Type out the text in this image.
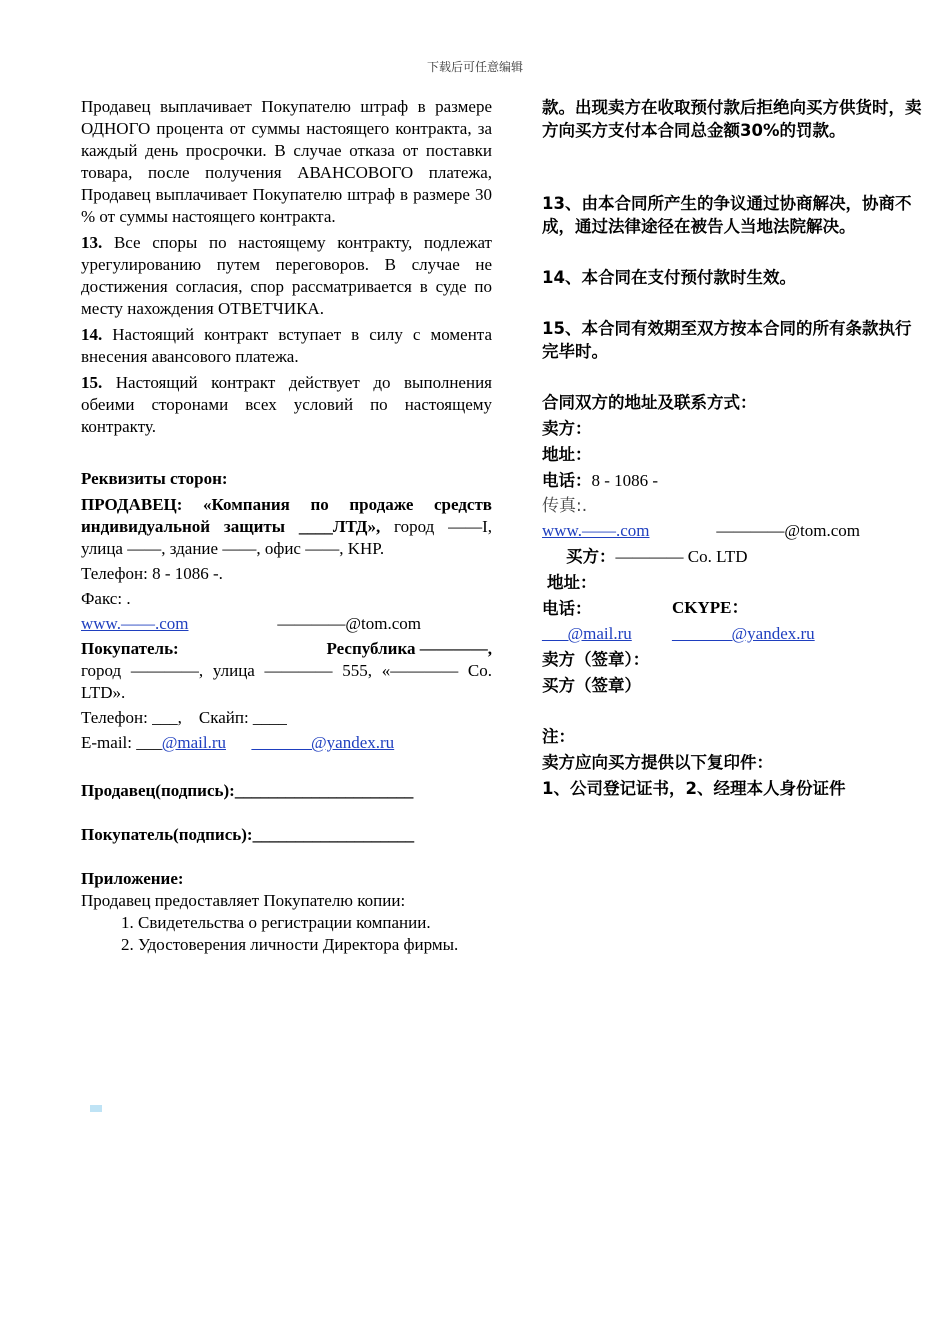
下载后可任意编辑

Продавец выплачивает Покупателю штраф в размере ОДНОГО процента от суммы настоящего контракта, за каждый день просрочки. В случае отказа от поставки товара, после получения АВАНСОВОГО платежа, Продавец выплачивает Покупателю штраф в размере 30 % от суммы настоящего контракта.

13. Все споры по настоящему контракту, подлежат урегулированию путем переговоров. В случае не достижения согласия, спор рассматривается в суде по месту нахождения ОТВЕТЧИКА.

14. Настоящий контракт вступает в силу с момента внесения авансового платежа.

15. Настоящий контракт действует до выполнения обеими сторонами всех условий по настоящему контракту.

Реквизиты сторон:

ПРОДАВЕЦ: «Компания по продаже средств индивидуальной защиты ____ЛТД», город ——I, улица ——, здание ——, офис ——, KHP.

Телефон: 8 - 1086 -.

Факс: .

www.——.com	————@tom.com
Покупатель:	Республика ————,

город ————, улица ———— 555, «———— Co. LTD».

Телефон: ___, Скайп: ____

E-mail: ___@mail.ru _______@yandex.ru

Продавец(подпись):_____________________

Покупатель(подпись):___________________

Приложение:

Продавец предоставляет Покупателю копии:

1. Свидетельства о регистрации компании.
2. Удостоверения личности Директора фирмы.

款。出现卖方在收取预付款后拒绝向买方供货时，卖方向买方支付本合同总金额30%的罚款。

13、由本合同所产生的争议通过协商解决，协商不成，通过法律途径在被告人当地法院解决。

14、本合同在支付预付款时生效。

15、本合同有效期至双方按本合同的所有条款执行完毕时。

合同双方的地址及联系方式：

卖方：

地址：

电话：8 - 1086 -

传真:.

www.——.com	————@tom.com

买方：———— Co. LTD

地址：

电话：	CKYPE：
___@mail.ru	_______@yandex.ru

卖方（签章）：

买方（签章）

注：

卖方应向买方提供以下复印件：

1、公司登记证书，2、经理本人身份证件
